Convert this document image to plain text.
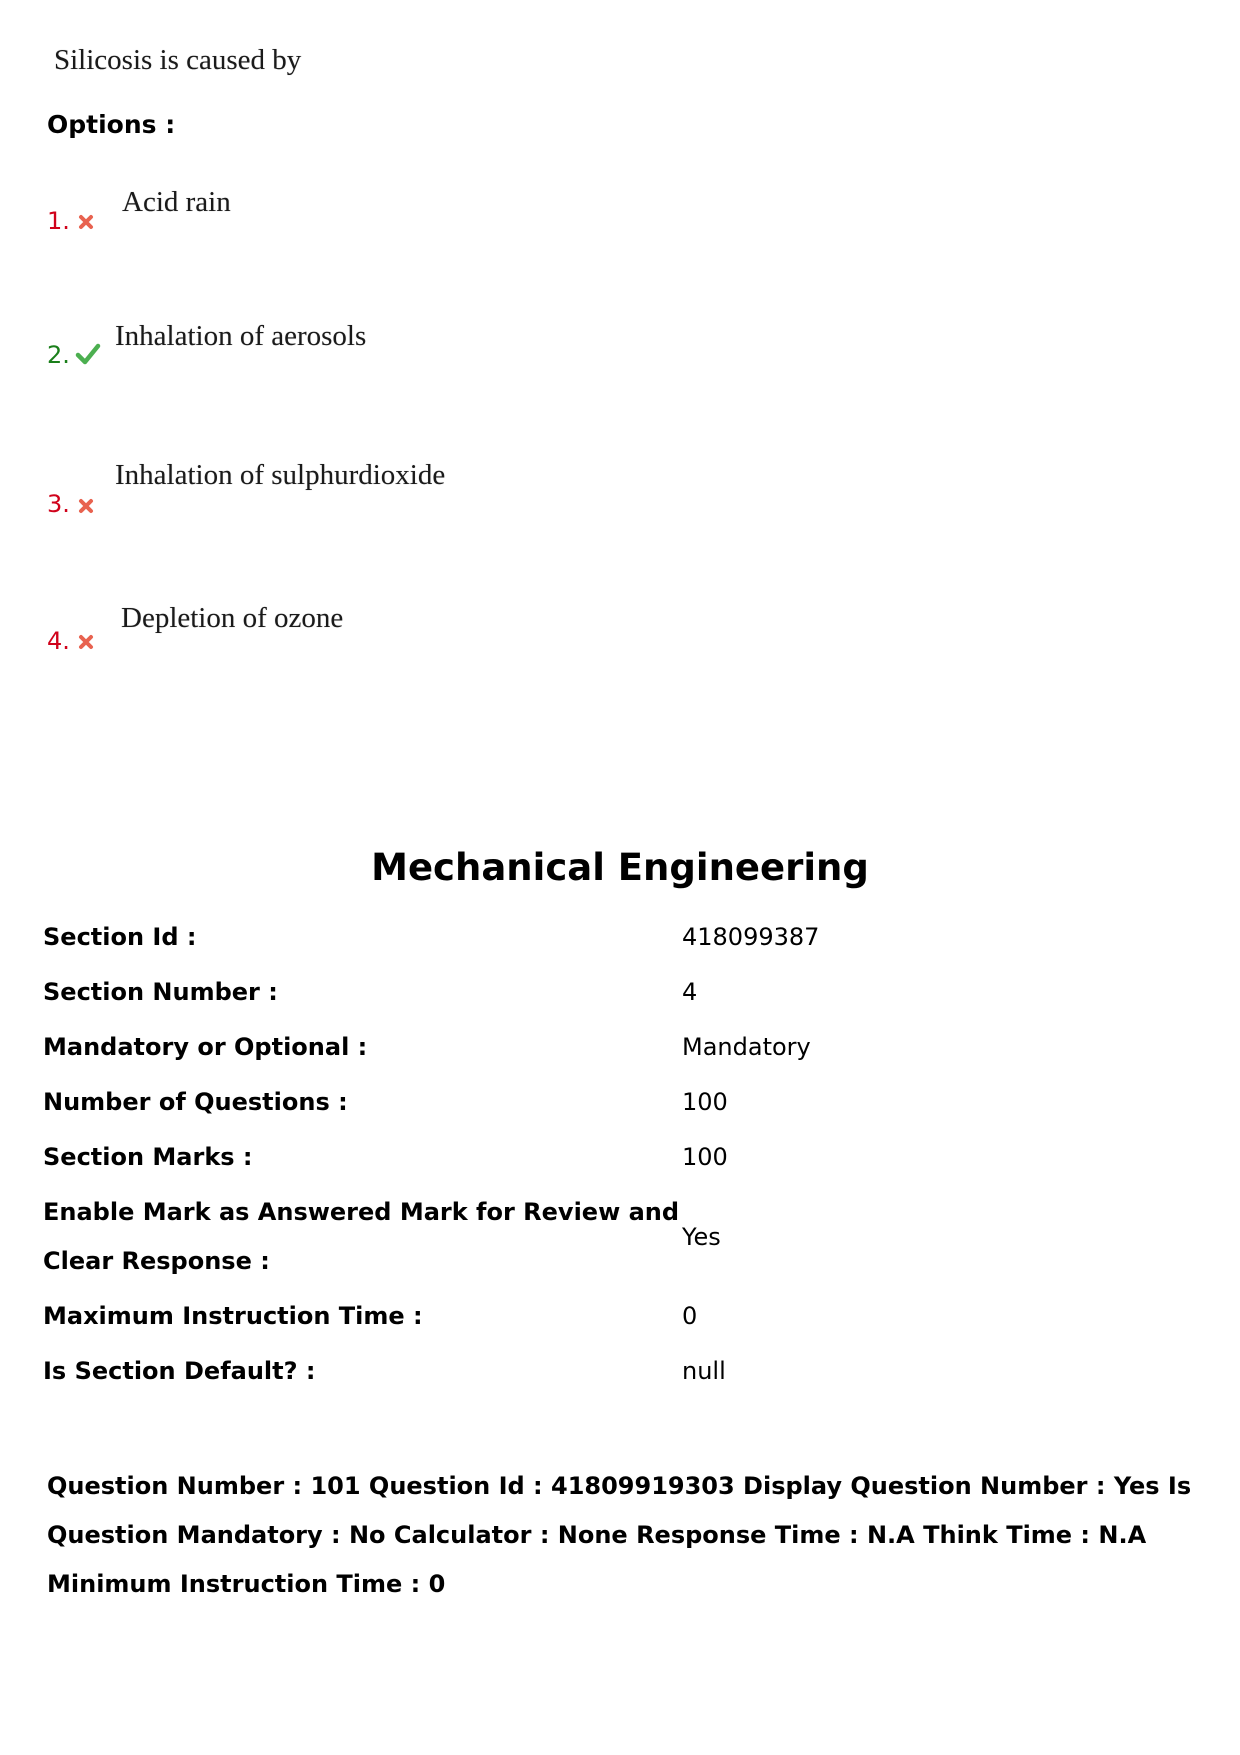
Silicosis is caused by
Options :
1.
Acid rain
2.
Inhalation of aerosols
3.
Inhalation of sulphurdioxide
4.
Depletion of ozone
Mechanical Engineering
Section Id :	418099387
Section Number :	4
Mandatory or Optional :	Mandatory
Number of Questions :	100
Section Marks :	100
Enable Mark as Answered Mark for Review and
Clear Response :
Yes
Maximum Instruction Time :	0
Is Section Default? :	null
Question Number : 101 Question Id : 41809919303 Display Question Number : Yes Is Question Mandatory : No Calculator : None Response Time : N.A Think Time : N.A Minimum Instruction Time : 0
